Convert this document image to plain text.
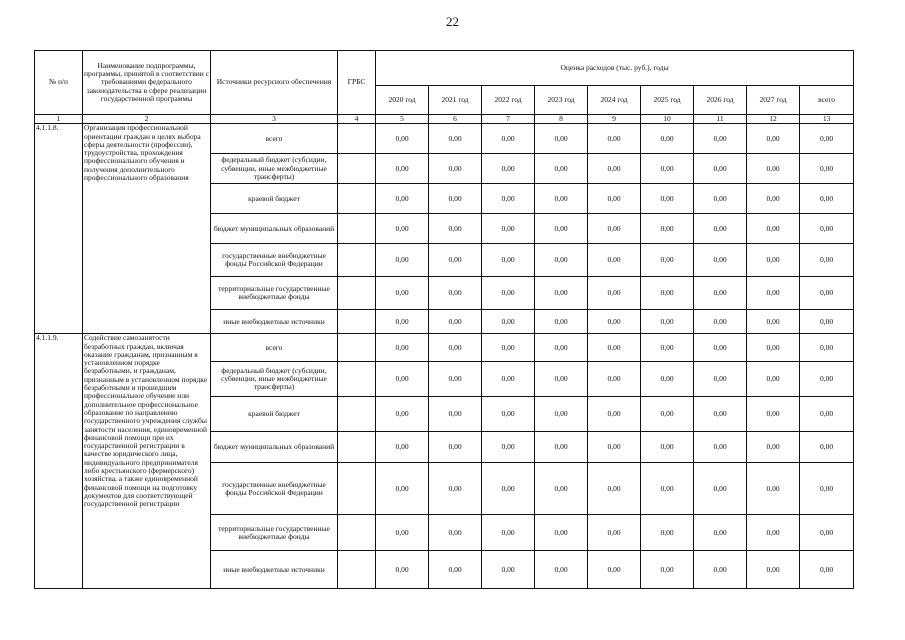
22
№ п/п	Наименование подпрограммы, программы, принятой в соответствии с требованиями федерального законодательства в сфере реализации государственной программы	Источники ресурсного обеспечения	ГРБС	Оценка расходов (тыс. руб.), годы								
				2020 год	2021 год	2022 год	2023 год	2024 год	2025 год	2026 год	2027 год	всего
1	2	3	4	5	6	7	8	9	10	11	12	13
4.1.1.8.	Организация профессиональной ориентации граждан в целях выбора сферы деятельности (профессии), трудоустройства, прохождения профессионального обучения и получения дополнительного профессионального образования	всего		0,00	0,00	0,00	0,00	0,00	0,00	0,00	0,00	0,00
		федеральный бюджет (субсидии, субвенции, иные межбюджетные трансферты)		0,00	0,00	0,00	0,00	0,00	0,00	0,00	0,00	0,00
		краевой бюджет		0,00	0,00	0,00	0,00	0,00	0,00	0,00	0,00	0,00
		бюджет муниципальных образований		0,00	0,00	0,00	0,00	0,00	0,00	0,00	0,00	0,00
		государственные внебюджетные фонды Российской Федерации		0,00	0,00	0,00	0,00	0,00	0,00	0,00	0,00	0,00
		территориальные государственные внебюджетные фонды		0,00	0,00	0,00	0,00	0,00	0,00	0,00	0,00	0,00
		иные внебюджетные источники		0,00	0,00	0,00	0,00	0,00	0,00	0,00	0,00	0,00
4.1.1.9.	Содействие самозанятости безработных граждан, включая оказание гражданам, признанным в установленном порядке безработными, и гражданам, признанным в установленном порядке безработными и прошедшим профессиональное обучение или дополнительное профессиональное образование по направлению государственного учреждения службы занятости населения, единовременной финансовой помощи при их государственной регистрации в качестве юридического лица, индивидуального предпринимателя либо крестьянского (фермерского) хозяйства, а также единовременной финансовой помощи на подготовку документов для соответствующей государственной регистрации	всего		0,00	0,00	0,00	0,00	0,00	0,00	0,00	0,00	0,00
		федеральный бюджет (субсидии, субвенции, иные межбюджетные трансферты)		0,00	0,00	0,00	0,00	0,00	0,00	0,00	0,00	0,00
		краевой бюджет		0,00	0,00	0,00	0,00	0,00	0,00	0,00	0,00	0,00
		бюджет муниципальных образований		0,00	0,00	0,00	0,00	0,00	0,00	0,00	0,00	0,00
		государственные внебюджетные фонды Российской Федерации		0,00	0,00	0,00	0,00	0,00	0,00	0,00	0,00	0,00
		территориальные государственные внебюджетные фонды		0,00	0,00	0,00	0,00	0,00	0,00	0,00	0,00	0,00
		иные внебюджетные источники		0,00	0,00	0,00	0,00	0,00	0,00	0,00	0,00	0,00
